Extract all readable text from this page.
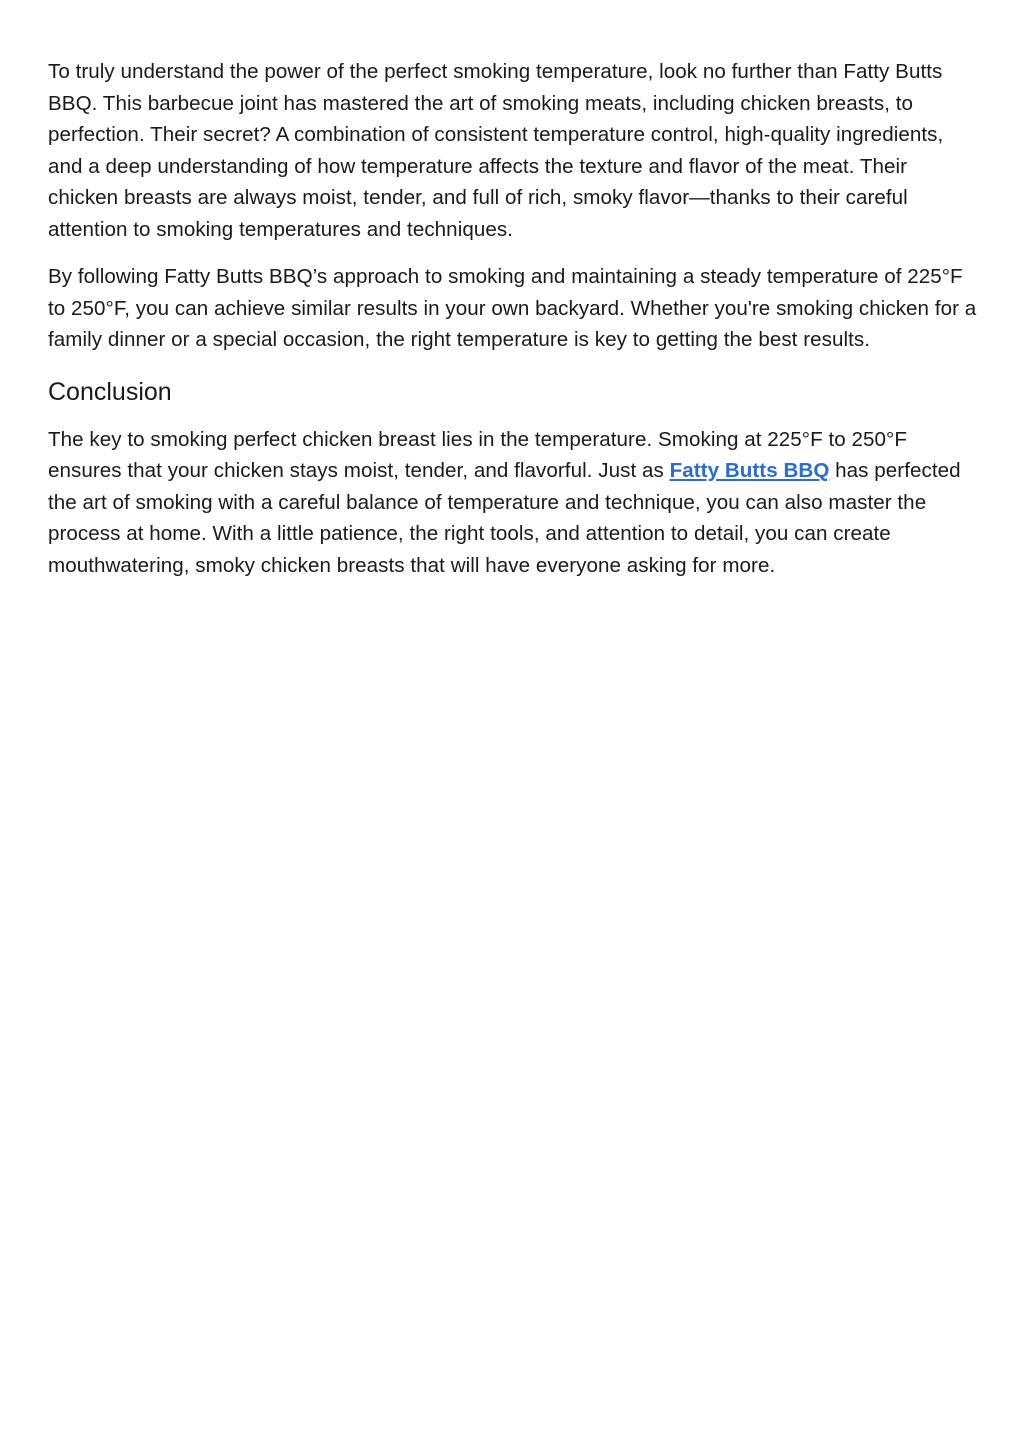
To truly understand the power of the perfect smoking temperature, look no further than Fatty Butts BBQ. This barbecue joint has mastered the art of smoking meats, including chicken breasts, to perfection. Their secret? A combination of consistent temperature control, high-quality ingredients, and a deep understanding of how temperature affects the texture and flavor of the meat. Their chicken breasts are always moist, tender, and full of rich, smoky flavor—thanks to their careful attention to smoking temperatures and techniques.

By following Fatty Butts BBQ’s approach to smoking and maintaining a steady temperature of 225°F to 250°F, you can achieve similar results in your own backyard. Whether you're smoking chicken for a family dinner or a special occasion, the right temperature is key to getting the best results.

Conclusion

The key to smoking perfect chicken breast lies in the temperature. Smoking at 225°F to 250°F ensures that your chicken stays moist, tender, and flavorful. Just as Fatty Butts BBQ has perfected the art of smoking with a careful balance of temperature and technique, you can also master the process at home. With a little patience, the right tools, and attention to detail, you can create mouthwatering, smoky chicken breasts that will have everyone asking for more.
